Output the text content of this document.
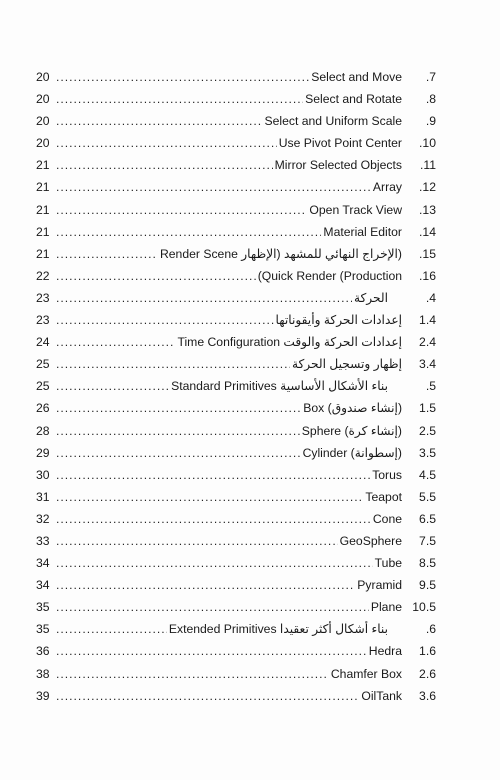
20 .....	Select and Move	.7
20 .....	Select and Rotate	.8
20 .....	Select and Uniform Scale	.9
20 .....	Use Pivot Point Center	.10
21 .....	Mirror Selected Objects	.11
21 .....	Array	.12
21 .....	Open Track View	.13
21 .....	Material Editor	.14
21 .....	(الإخراج النهائي للمشهد (الإظهار Render Scene	.15
22 .....	(Quick Render (Production	.16
23 .....	الحركة	.4
23 .....	إعدادات الحركة وأيقوناتها	1.4
24 .....	إعدادات الحركة والوقت Time Configuration	2.4
25 .....	إظهار وتسجيل الحركة	3.4
25 .....	بناء الأشكال الأساسية Standard Primitives	.5
26 .....	(إنشاء صندوق) Box	1.5
28 .....	(إنشاء كرة) Sphere	2.5
29 .....	(إسطوانة) Cylinder	3.5
30 .....	Torus	4.5
31 .....	Teapot	5.5
32 .....	Cone	6.5
33 .....	GeoSphere	7.5
34 .....	Tube	8.5
34 .....	Pyramid	9.5
35 .....	Plane 10.5
35 .....	بناء أشكال أكثر تعقيدا Extended Primitives	.6
36 .....	Hedra	1.6
38 .....	Chamfer Box	2.6
39 .....	OilTank	3.6
